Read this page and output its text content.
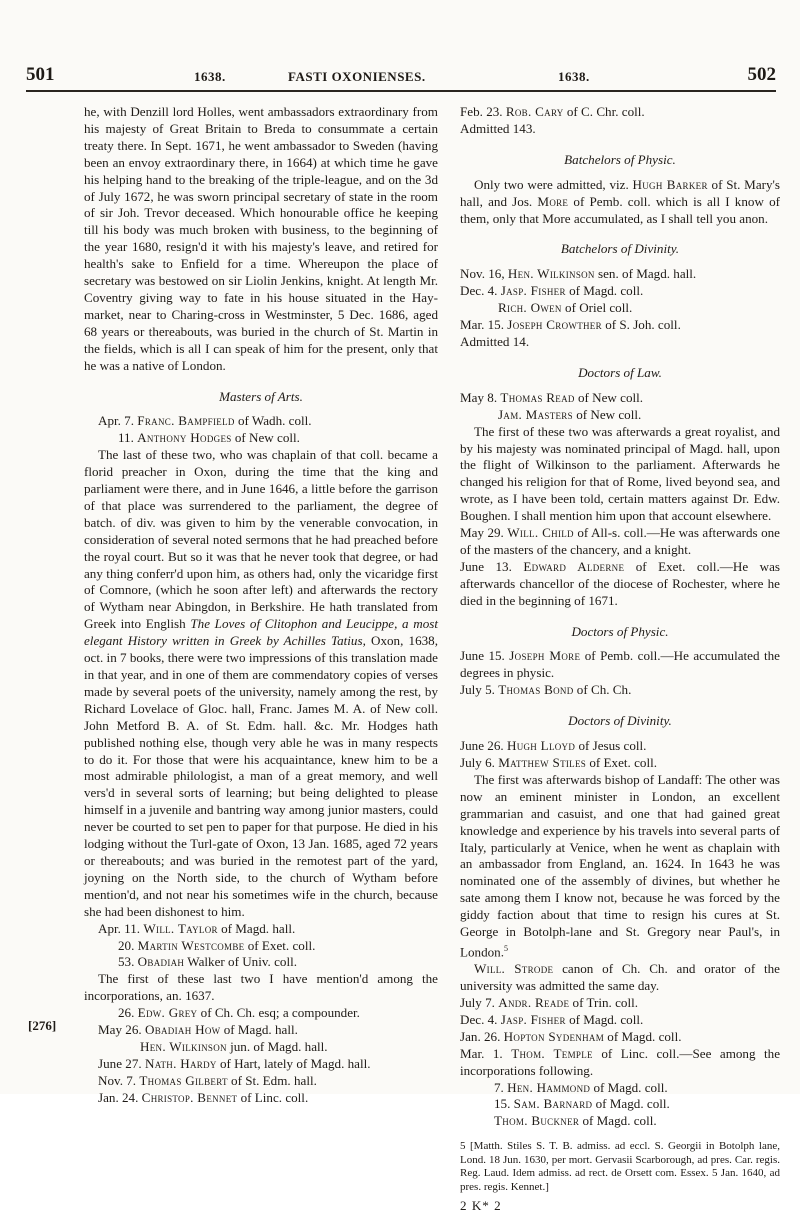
501	1638.	FASTI OXONIENSES.	1638.	502
[276]

he, with Denzill lord Holles, went ambassadors extraordinary from his majesty of Great Britain to Breda to consummate a certain treaty there. In Sept. 1671, he went ambassador to Sweden (having been an envoy extraordinary there, in 1664) at which time he gave his helping hand to the breaking of the triple-league, and on the 3d of July 1672, he was sworn principal secretary of state in the room of sir Joh. Trevor deceased. Which honourable office he keeping till his body was much broken with business, to the beginning of the year 1680, resign'd it with his majesty's leave, and retired for health's sake to Enfield for a time. Whereupon the place of secretary was bestowed on sir Liolin Jenkins, knight. At length Mr. Coventry giving way to fate in his house situated in the Hay-market, near to Charing-cross in Westminster, 5 Dec. 1686, aged 68 years or thereabouts, was buried in the church of St. Martin in the fields, which is all I can speak of him for the present, only that he was a native of London.

Masters of Arts.

Apr. 7. Franc. Bampfield of Wadh. coll.

11. Anthony Hodges of New coll.

The last of these two, who was chaplain of that coll. became a florid preacher in Oxon, during the time that the king and parliament were there, and in June 1646, a little before the garrison of that place was surrendered to the parliament, the degree of batch. of div. was given to him by the venerable convocation, in consideration of several noted sermons that he had preached before the royal court. But so it was that he never took that degree, or had any thing conferr'd upon him, as others had, only the vicaridge first of Comnore, (which he soon after left) and afterwards the rectory of Wytham near Abingdon, in Berkshire. He hath translated from Greek into English The Loves of Clitophon and Leucippe, a most elegant History written in Greek by Achilles Tatius, Oxon, 1638, oct. in 7 books, there were two impressions of this translation made in that year, and in one of them are commendatory copies of verses made by several poets of the university, namely among the rest, by Richard Lovelace of Gloc. hall, Franc. James M. A. of New coll. John Metford B. A. of St. Edm. hall. &c. Mr. Hodges hath published nothing else, though very able he was in many respects to do it. For those that were his acquaintance, knew him to be a most admirable philologist, a man of a great memory, and well vers'd in several sorts of learning; but being delighted to please himself in a juvenile and bantring way among junior masters, could never be courted to set pen to paper for that purpose. He died in his lodging without the Turl-gate of Oxon, 13 Jan. 1685, aged 72 years or thereabouts; and was buried in the remotest part of the yard, joyning on the North side, to the church of Wytham before mention'd, and not near his sometimes wife in the church, because she had been dishonest to him.

Apr. 11. Will. Taylor of Magd. hall.

20. Martin Westcombe of Exet. coll.

53. Obadiah Walker of Univ. coll.

The first of these last two I have mention'd among the incorporations, an. 1637.

26. Edw. Grey of Ch. Ch. esq; a compounder.

May 26. Obadiah How of Magd. hall.

Hen. Wilkinson jun. of Magd. hall.

June 27. Nath. Hardy of Hart, lately of Magd. hall.

Nov. 7. Thomas Gilbert of St. Edm. hall.

Jan. 24. Christop. Bennet of Linc. coll.

Feb. 23. Rob. Cary of C. Chr. coll.

Admitted 143.

Batchelors of Physic.

Only two were admitted, viz. Hugh Barker of St. Mary's hall, and Jos. More of Pemb. coll. which is all I know of them, only that More accumulated, as I shall tell you anon.

Batchelors of Divinity.

Nov. 16, Hen. Wilkinson sen. of Magd. hall.

Dec. 4. Jasp. Fisher of Magd. coll.

Rich. Owen of Oriel coll.

Mar. 15. Joseph Crowther of S. Joh. coll.

Admitted 14.

Doctors of Law.

May 8. Thomas Read of New coll.

Jam. Masters of New coll.

The first of these two was afterwards a great royalist, and by his majesty was nominated principal of Magd. hall, upon the flight of Wilkinson to the parliament. Afterwards he changed his religion for that of Rome, lived beyond sea, and wrote, as I have been told, certain matters against Dr. Edw. Boughen. I shall mention him upon that account elsewhere.

May 29. Will. Child of All-s. coll.—He was afterwards one of the masters of the chancery, and a knight.

June 13. Edward Alderne of Exet. coll.—He was afterwards chancellor of the diocese of Rochester, where he died in the beginning of 1671.

Doctors of Physic.

June 15. Joseph More of Pemb. coll.—He accumulated the degrees in physic.

July 5. Thomas Bond of Ch. Ch.

Doctors of Divinity.

June 26. Hugh Lloyd of Jesus coll.

July 6. Matthew Stiles of Exet. coll.

The first was afterwards bishop of Landaff: The other was now an eminent minister in London, an excellent grammarian and casuist, and one that had gained great knowledge and experience by his travels into several parts of Italy, particularly at Venice, when he went as chaplain with an ambassador from England, an. 1624. In 1643 he was nominated one of the assembly of divines, but whether he sate among them I know not, because he was forced by the giddy faction about that time to resign his cures at St. George in Botolph-lane and St. Gregory near Paul's, in London.$^5$

Will. Strode canon of Ch. Ch. and orator of the university was admitted the same day.

July 7. Andr. Reade of Trin. coll.

Dec. 4. Jasp. Fisher of Magd. coll.

Jan. 26. Hopton Sydenham of Magd. coll.

Mar. 1. Thom. Temple of Linc. coll.—See among the incorporations following.

7. Hen. Hammond of Magd. coll.

15. Sam. Barnard of Magd. coll.

Thom. Buckner of Magd. coll.

5 [Matth. Stiles S. T. B. admiss. ad eccl. S. Georgii in Botolph lane, Lond. 18 Jun. 1630, per mort. Gervasii Scarborough, ad pres. Car. regis. Reg. Laud. Idem admiss. ad rect. de Orsett com. Essex. 5 Jan. 1640, ad pres. regis. Kennet.]

2 K* 2
